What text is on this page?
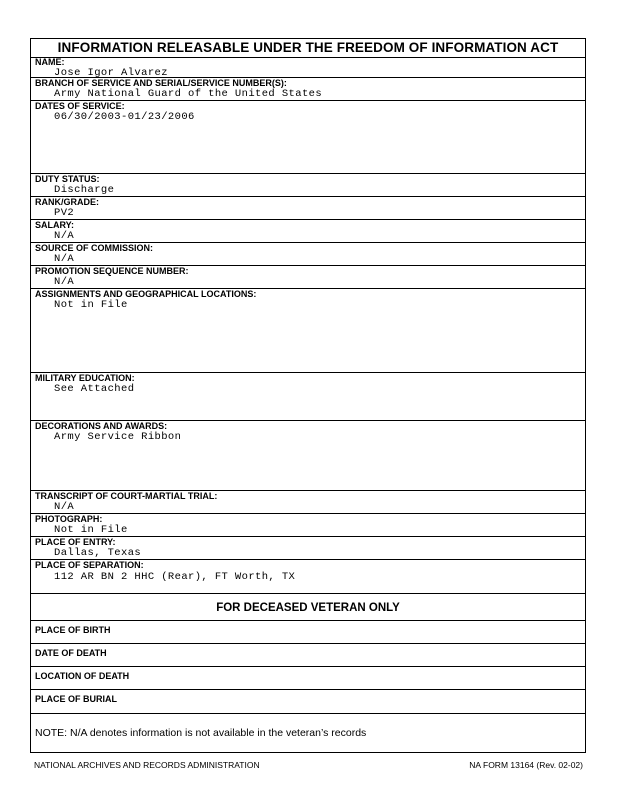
INFORMATION RELEASABLE UNDER THE FREEDOM OF INFORMATION ACT
NAME:
Jose Igor Alvarez
BRANCH OF SERVICE AND SERIAL/SERVICE NUMBER(S):
Army National Guard of the United States
DATES OF SERVICE:
06/30/2003-01/23/2006
DUTY STATUS:
Discharge
RANK/GRADE:
PV2
SALARY:
N/A
SOURCE OF COMMISSION:
N/A
PROMOTION SEQUENCE NUMBER:
N/A
ASSIGNMENTS AND GEOGRAPHICAL LOCATIONS:
Not in File
MILITARY EDUCATION:
See Attached
DECORATIONS AND AWARDS:
Army Service Ribbon
TRANSCRIPT OF COURT-MARTIAL TRIAL:
N/A
PHOTOGRAPH:
Not in File
PLACE OF ENTRY:
Dallas, Texas
PLACE OF SEPARATION:
112 AR BN 2 HHC (Rear), FT Worth, TX
FOR DECEASED VETERAN ONLY
PLACE OF BIRTH
DATE OF DEATH
LOCATION OF DEATH
PLACE OF BURIAL
NOTE: N/A denotes information is not available in the veteran’s records
NATIONAL ARCHIVES AND RECORDS ADMINISTRATION	NA FORM 13164 (Rev. 02-02)
